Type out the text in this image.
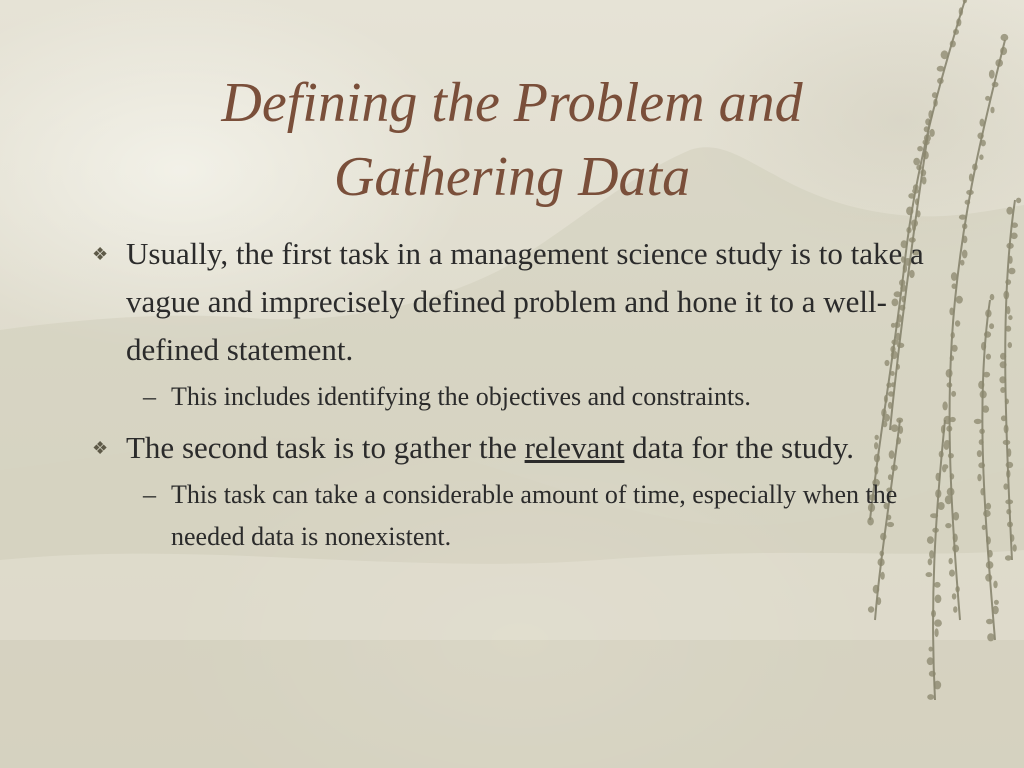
Defining the Problem and
Gathering Data
❖ Usually, the first task in a management science study is to take a vague and imprecisely defined problem and hone it to a well-defined statement.
– This includes identifying the objectives and constraints.
❖ The second task is to gather the relevant data for the study.
– This task can take a considerable amount of time, especially when the needed data is nonexistent.
